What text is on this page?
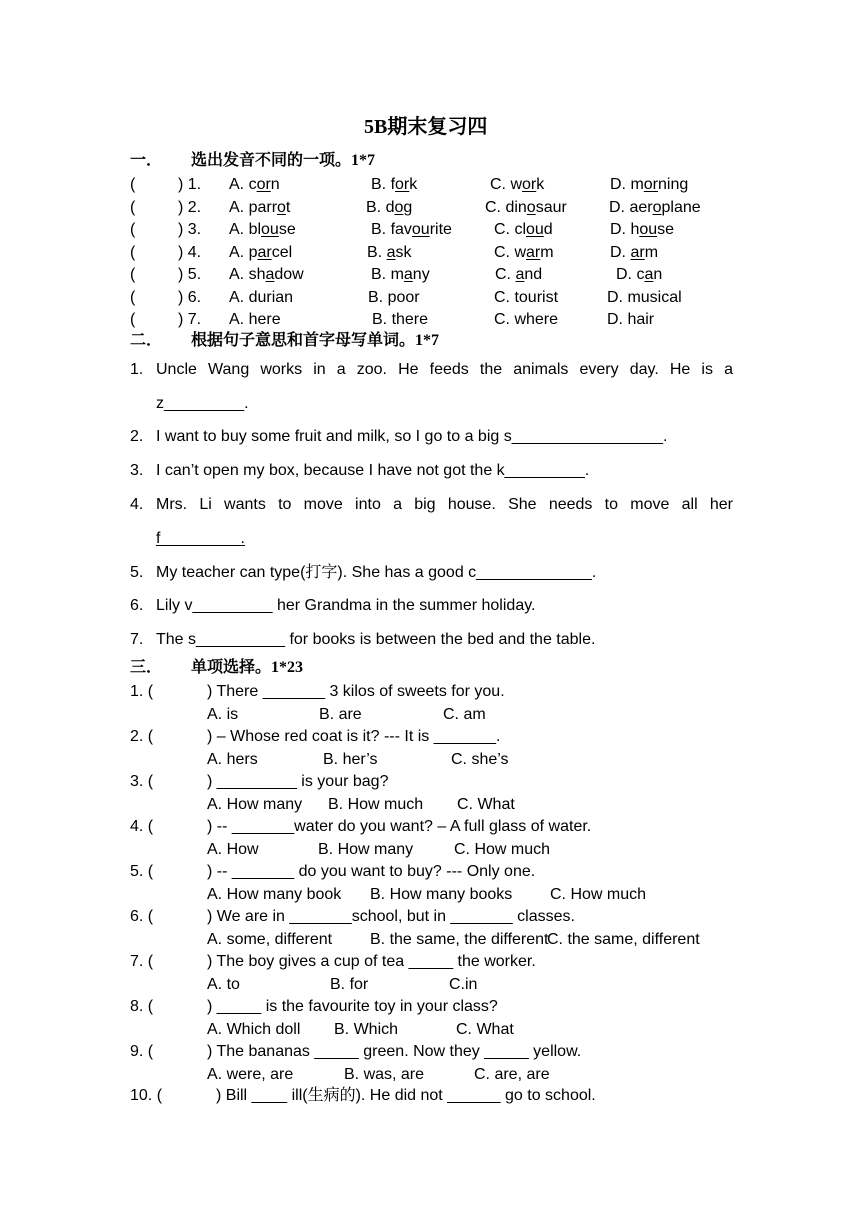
5B期末复习四
一． 选出发音不同的一项。1*7
(	) 1. A. corn	B. fork	C. work	D. morning
(	) 2. A. parrot	B. dog	C. dinosaur	D. aeroplane
(	) 3. A. blouse	B. favourite	C. cloud	D. house
(	) 4. A. parcel	B. ask	C. warm	D. arm
(	) 5. A. shadow	B. many	C. and	D. can
(	) 6. A. durian	B. poor	C. tourist	D. musical
(	) 7. A. here	B. there	C. where	D. hair
二． 根据句子意思和首字母写单词。1*7
1. Uncle Wang works in a zoo. He feeds the animals every day. He is a
z_________.
2. I want to buy some fruit and milk, so I go to a big s_________________.
3. I can’t open my box, because I have not got the k_________.
4. Mrs. Li wants to move into a big house. She needs to move all her
f_________.
5. My teacher can type(打字). She has a good c_____________.
6. Lily v_________ her Grandma in the summer holiday.
7. The s__________ for books is between the bed and the table.
三． 单项选择。1*23
1. (	) There _______ 3 kilos of sweets for you.
A. is	B. are	C. am
2. (	) – Whose red coat is it? --- It is _______.
A. hers	B. her’s	C. she’s
3. (	) _________ is your bag?
A. How many B. How much C. What
4. (	) -- _______water do you want? – A full glass of water.
A. How	B. How many	C. How much
5. (	) -- _______ do you want to buy? --- Only one.
A. How many book B. How many books C. How much
6. (	) We are in _______school, but in _______ classes.
A. some, different B. the same, the different
C. the same, different
7. (	) The boy gives a cup of tea _____ the worker.
A. to	B. for	C.in
8. (	) _____ is the favourite toy in your class?
A. Which doll B. Which	C. What
9. (	) The bananas _____ green. Now they _____ yellow.
A. were, are	B. was, are	C. are, are
10. (	) Bill ____ ill(生病的). He did not ______ go to school.
